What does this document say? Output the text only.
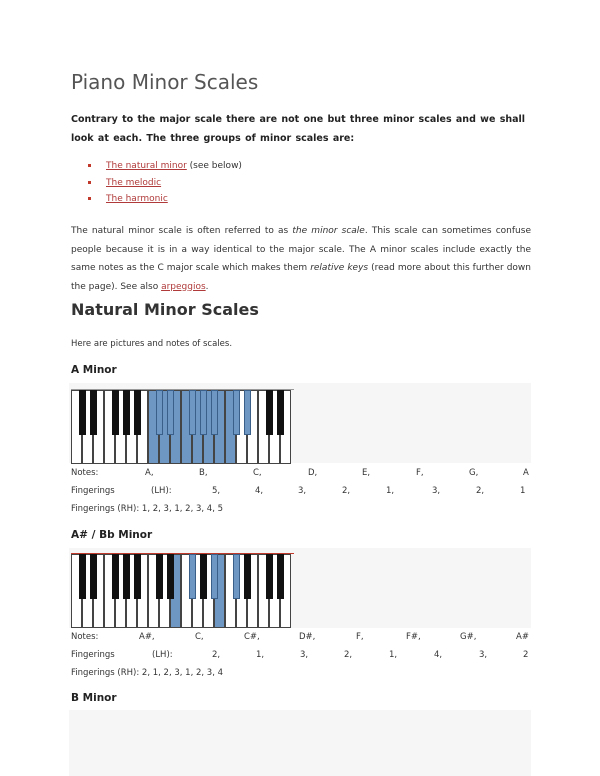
Piano Minor Scales

Contrary to the major scale there are not one but three minor scales and we shall look at each. The three groups of minor scales are:

The natural minor (see below)
The melodic
The harmonic

The natural minor scale is often referred to as the minor scale. This scale can sometimes confuse people because it is in a way identical to the major scale. The A minor scales include exactly the same notes as the C major scale which makes them relative keys (read more about this further down the page). See also arpeggios.

Natural Minor Scales

Here are pictures and notes of scales.

A Minor
Notes:	A,	B,	C,	D,	E,	F,	G,	A
Fingerings	(LH):	5,	4,	3,	2,	1,	3,	2,	1
Fingerings (RH): 1, 2, 3, 1, 2, 3, 4, 5
A# / Bb Minor
Notes:	A#,	C,	C#,	D#,	F,	F#,	G#,	A#
Fingerings	(LH):	2,	1,	3,	2,	1,	4,	3,	2
Fingerings (RH): 2, 1, 2, 3, 1, 2, 3, 4
B Minor
